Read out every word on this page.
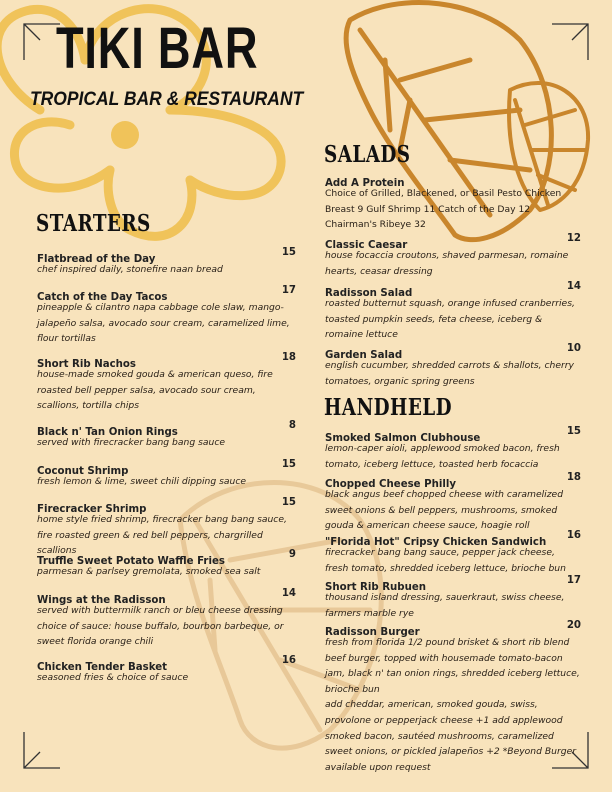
TIKI BAR
TROPICAL BAR & RESTAURANT
STARTERS
Flatbread of the Day
15
chef inspired daily, stonefire naan bread
Catch of the Day Tacos
17
pineapple & cilantro napa cabbage cole slaw, mango-jalapeño salsa, avocado sour cream, caramelized lime, flour tortillas
Short Rib Nachos
18
house-made smoked gouda & american queso, fire roasted bell pepper salsa, avocado sour cream, scallions, tortilla chips
Black n' Tan Onion Rings
8
served with firecracker bang bang sauce
Coconut Shrimp
15
fresh lemon & lime, sweet chili dipping sauce
Firecracker Shrimp
15
home style fried shrimp, firecracker bang bang sauce, fire roasted green & red bell peppers, chargrilled scallions
Truffle Sweet Potato Waffle Fries
9
parmesan & parlsey gremolata, smoked sea salt
Wings at the Radisson
14
served with buttermilk ranch or bleu cheese dressing choice of sauce: house buffalo, bourbon barbeque, or sweet florida orange chili
Chicken Tender Basket
16
seasoned fries & choice of sauce
SALADS
Add A Protein
Choice of Grilled, Blackened, or Basil Pesto Chicken Breast 9 Gulf Shrimp 11 Catch of the Day 12 Chairman's Ribeye 32
Classic Caesar
12
house focaccia croutons, shaved parmesan, romaine hearts, ceasar dressing
Radisson Salad
14
roasted butternut squash, orange infused cranberries, toasted pumpkin seeds, feta cheese, iceberg & romaine lettuce
Garden Salad
10
english cucumber, shredded carrots & shallots, cherry tomatoes, organic spring greens
HANDHELD
Smoked Salmon Clubhouse
15
lemon-caper aioli, applewood smoked bacon, fresh tomato, iceberg lettuce, toasted herb focaccia
Chopped Cheese Philly
18
black angus beef chopped cheese with caramelized sweet onions & bell peppers, mushrooms, smoked gouda & american cheese sauce, hoagie roll
"Florida Hot" Cripsy Chicken Sandwich
16
firecracker bang bang sauce, pepper jack cheese, fresh tomato, shredded iceberg lettuce, brioche bun
Short Rib Rubuen
17
thousand island dressing, sauerkraut, swiss cheese, farmers marble rye
Radisson Burger
20
fresh from florida 1/2 pound brisket & short rib blend beef burger, topped with housemade tomato-bacon jam, black n' tan onion rings, shredded iceberg lettuce, brioche bun
add cheddar, american, smoked gouda, swiss, provolone or pepperjack cheese +1 add applewood smoked bacon, sautéed mushrooms, caramelized sweet onions, or pickled jalapeños +2 *Beyond Burger available upon request
